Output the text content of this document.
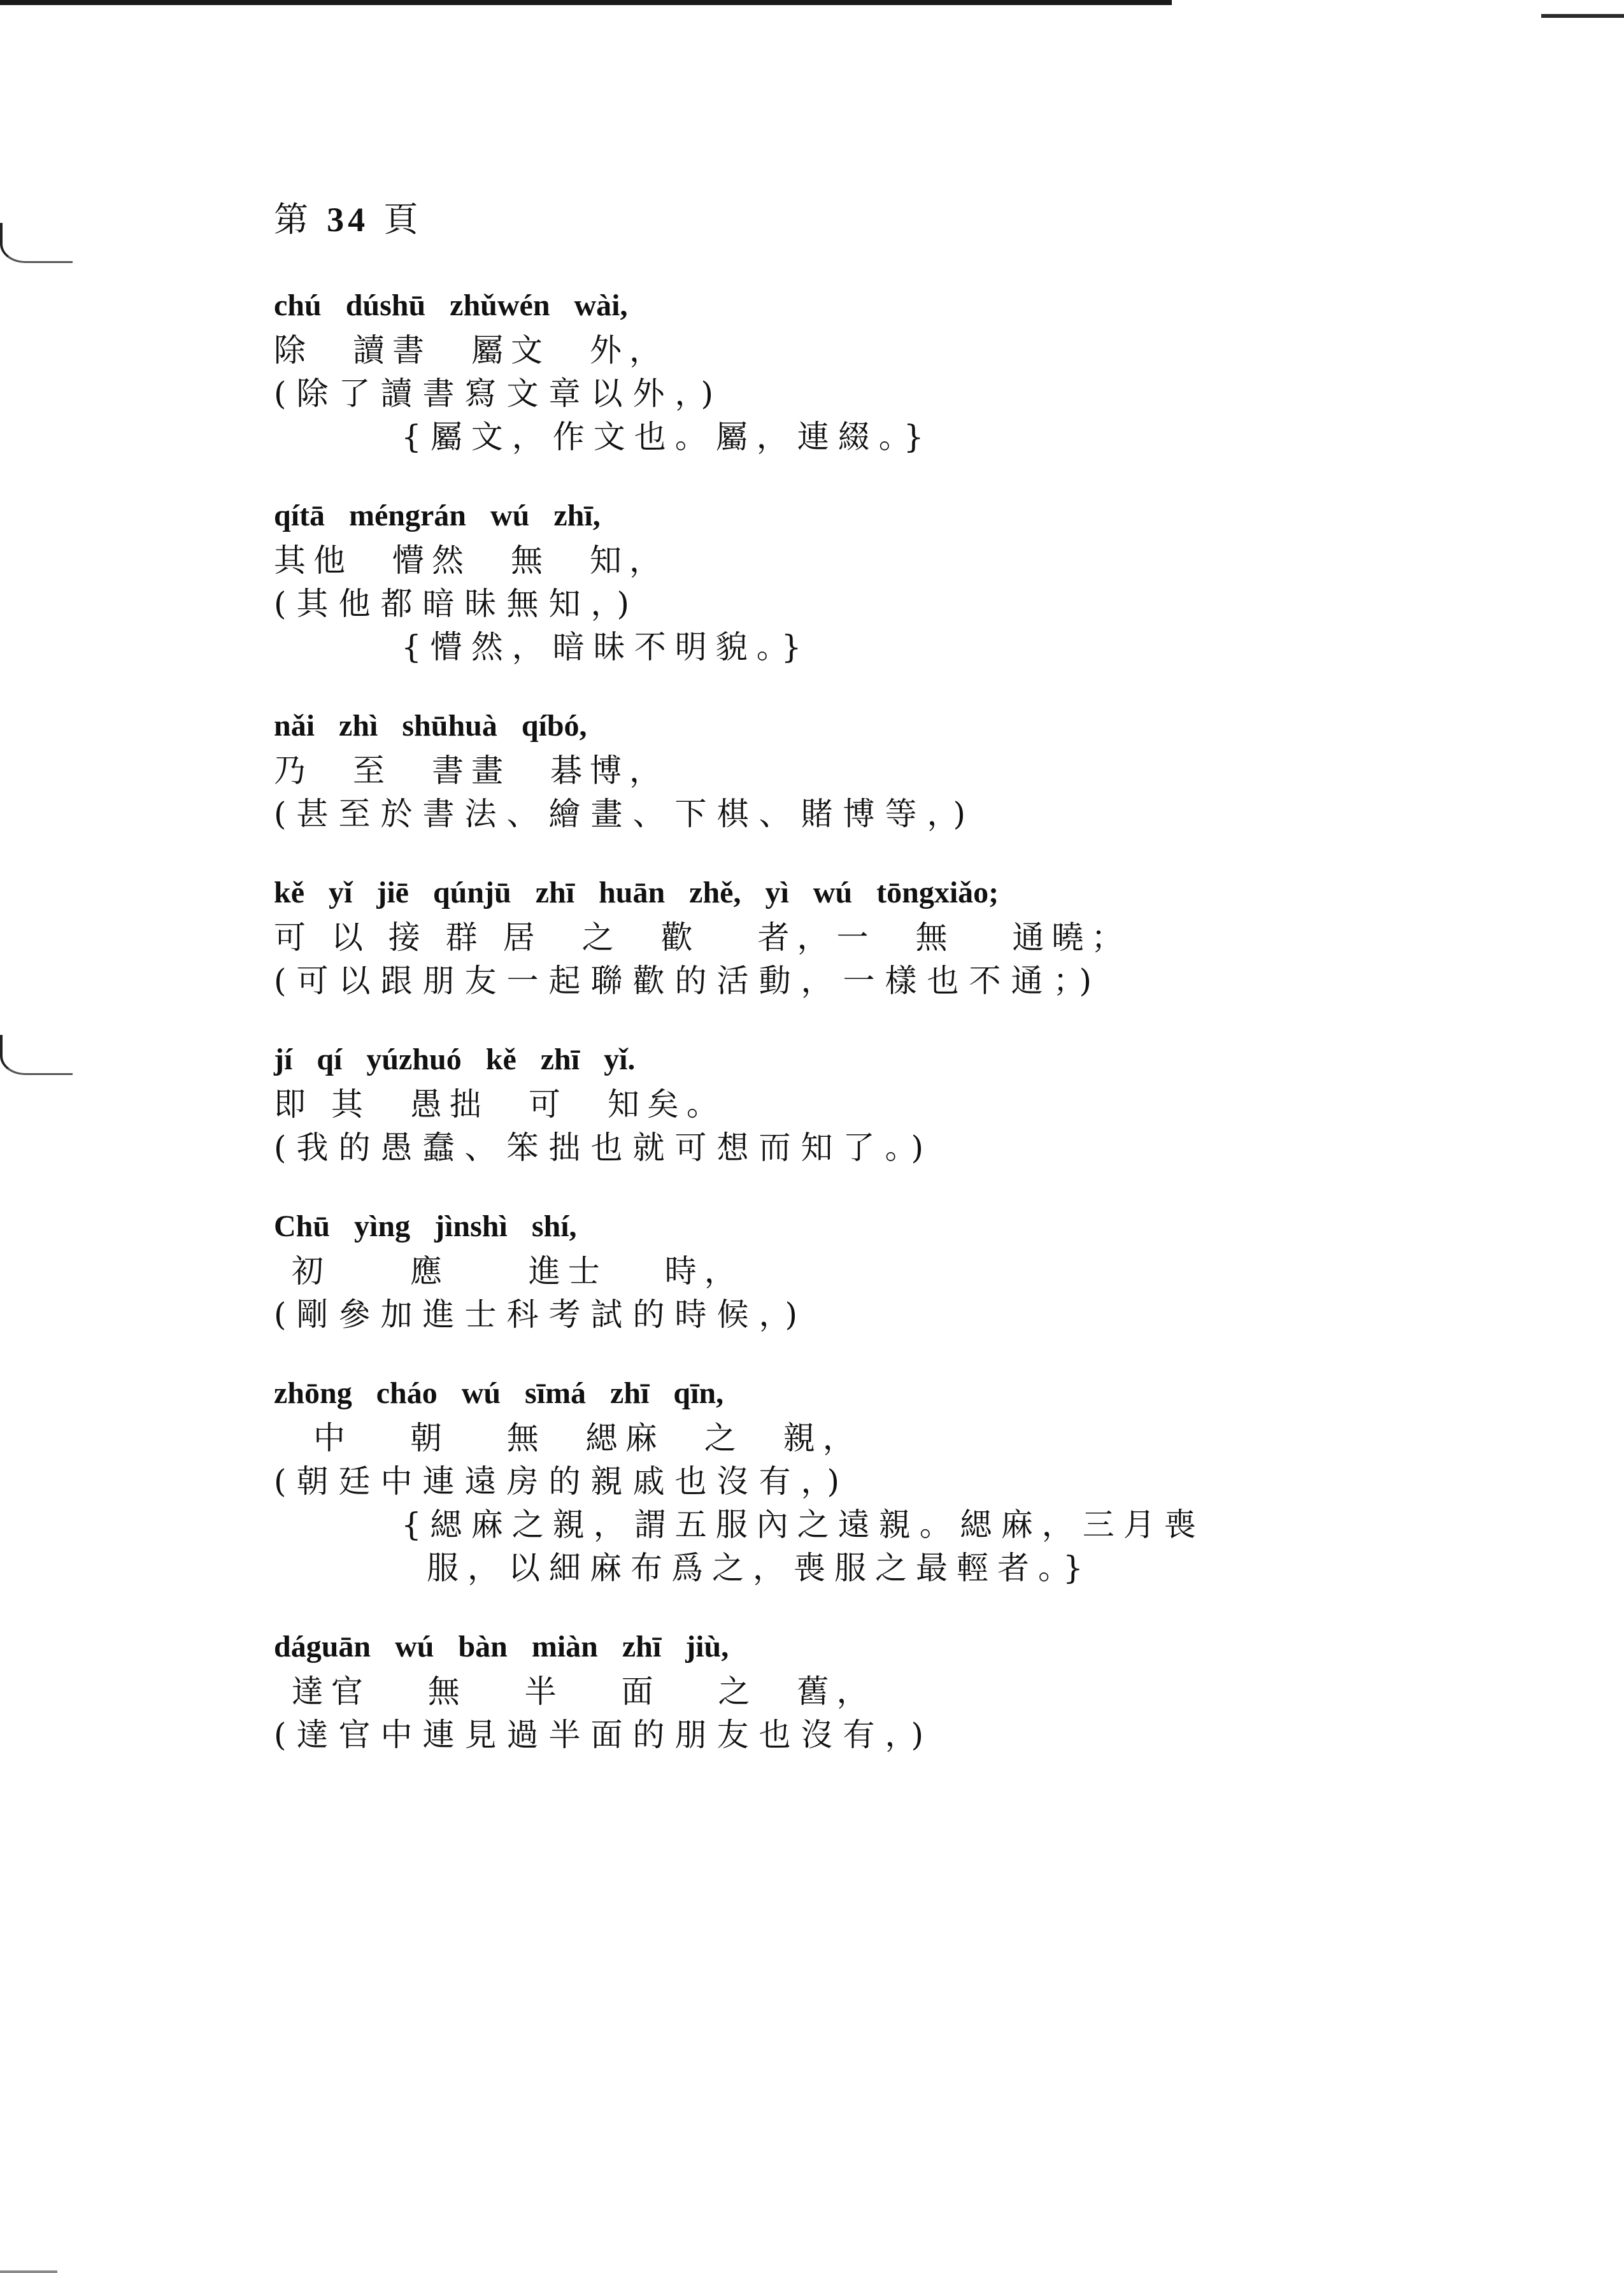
第 34 頁
chú dúshū zhǔwén wài,
除　讀書　屬文　外，
(除了讀書寫文章以外，)
{屬文，作文也。屬，連綴。}
qítā méngrán wú zhī,
其他　懵然　無　知，
(其他都暗昧無知，)
{懵然，暗昧不明貌。}
nǎi zhì shūhuà qíbó,
乃　至　書畫　碁博，
(甚至於書法、繪畫、下棋、賭博等，)
kě yǐ jiē qúnjū zhī huān zhě, yì wú tōngxiǎo;
可 以 接 群 居　之　歡　 者，一　無　 通曉；
(可以跟朋友一起聯歡的活動，一樣也不通；)
jí qí yúzhuó kě zhī yǐ.
即 其　愚拙　可　知矣。
(我的愚蠢、笨拙也就可想而知了。)
Chū yìng jìnshì shí,
初　　應　　進士　 時，
(剛參加進士科考試的時候，)
zhōng cháo wú sīmá zhī qīn,
　中　 朝　 無　緦麻　之　親，
(朝廷中連遠房的親戚也沒有，)
{緦麻之親，謂五服內之遠親。緦麻，三月喪
服，以細麻布爲之，喪服之最輕者。}
dáguān wú bàn miàn zhī jiù,
達官　 無　 半　 面　 之　舊，
(達官中連見過半面的朋友也沒有，)
